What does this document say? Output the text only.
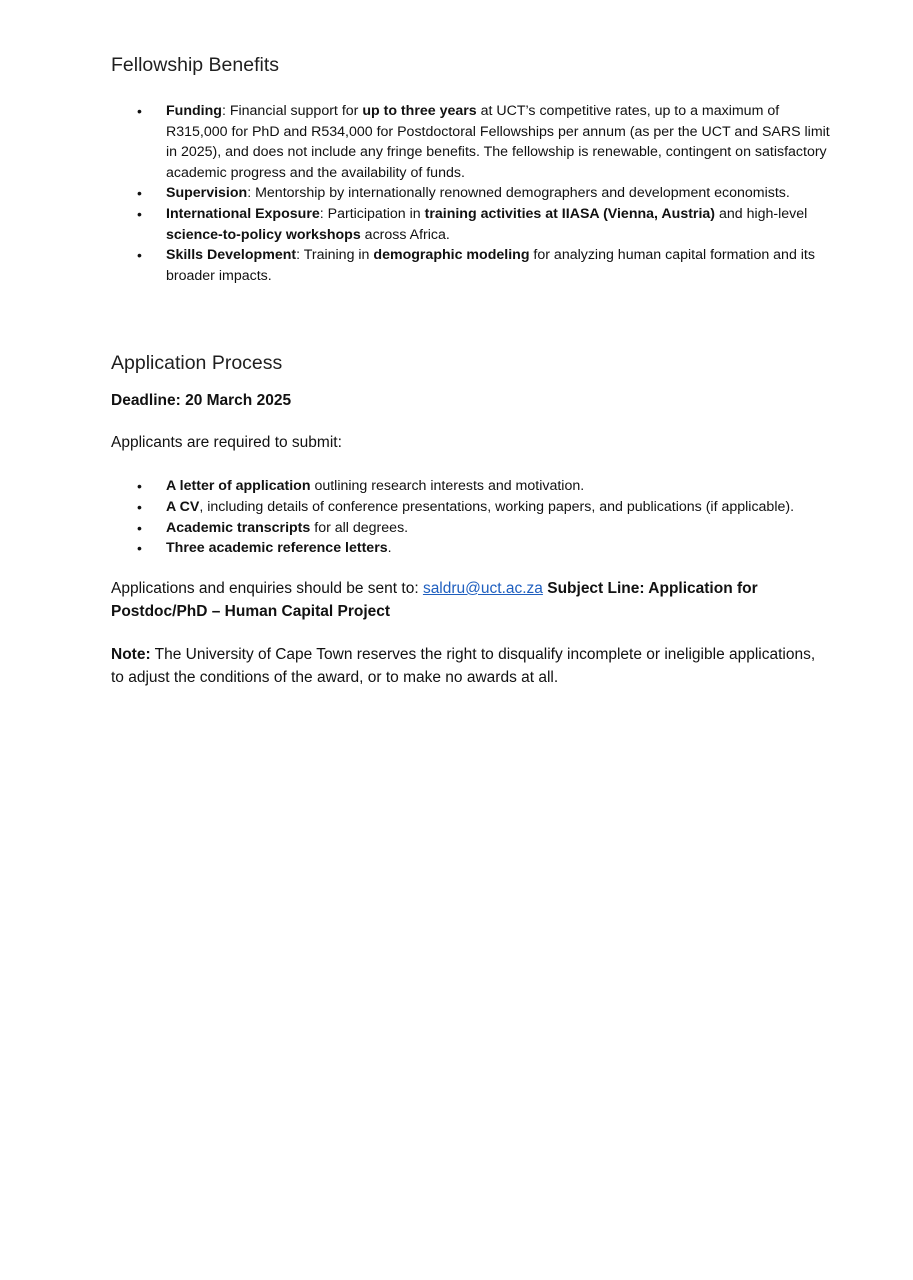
Fellowship Benefits
• Funding: Financial support for up to three years at UCT’s competitive rates, up to a maximum of R315,000 for PhD and R534,000 for Postdoctoral Fellowships per annum (as per the UCT and SARS limit in 2025), and does not include any fringe benefits. The fellowship is renewable, contingent on satisfactory academic progress and the availability of funds.
• Supervision: Mentorship by internationally renowned demographers and development economists.
• International Exposure: Participation in training activities at IIASA (Vienna, Austria) and high-level science-to-policy workshops across Africa.
• Skills Development: Training in demographic modeling for analyzing human capital formation and its broader impacts.
Application Process

Deadline: 20 March 2025

Applicants are required to submit:

• A letter of application outlining research interests and motivation.
• A CV, including details of conference presentations, working papers, and publications (if applicable).
• Academic transcripts for all degrees.
• Three academic reference letters.

Applications and enquiries should be sent to: saldru@uct.ac.za Subject Line: Application for Postdoc/PhD – Human Capital Project

Note: The University of Cape Town reserves the right to disqualify incomplete or ineligible applications, to adjust the conditions of the award, or to make no awards at all.
